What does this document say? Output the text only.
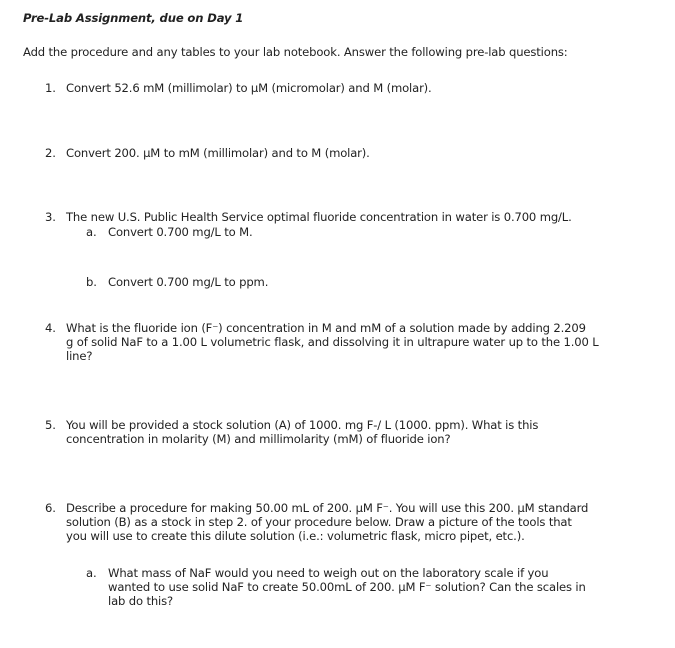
Pre-Lab Assignment, due on Day 1
Add the procedure and any tables to your lab notebook. Answer the following pre-lab questions:
1. Convert 52.6 mM (millimolar) to µM (micromolar) and M (molar).
2. Convert 200. µM to mM (millimolar) and to M (molar).
3. The new U.S. Public Health Service optimal fluoride concentration in water is 0.700 mg/L.
a. Convert 0.700 mg/L to M.
b. Convert 0.700 mg/L to ppm.
4. What is the fluoride ion (F⁻) concentration in M and mM of a solution made by adding 2.209
g of solid NaF to a 1.00 L volumetric flask, and dissolving it in ultrapure water up to the 1.00 L
line?
5. You will be provided a stock solution (A) of 1000. mg F-/ L (1000. ppm). What is this
concentration in molarity (M) and millimolarity (mM) of fluoride ion?
6. Describe a procedure for making 50.00 mL of 200. µM F⁻. You will use this 200. µM standard
solution (B) as a stock in step 2. of your procedure below. Draw a picture of the tools that
you will use to create this dilute solution (i.e.: volumetric flask, micro pipet, etc.).
a. What mass of NaF would you need to weigh out on the laboratory scale if you
wanted to use solid NaF to create 50.00mL of 200. µM F⁻ solution? Can the scales in
lab do this?
